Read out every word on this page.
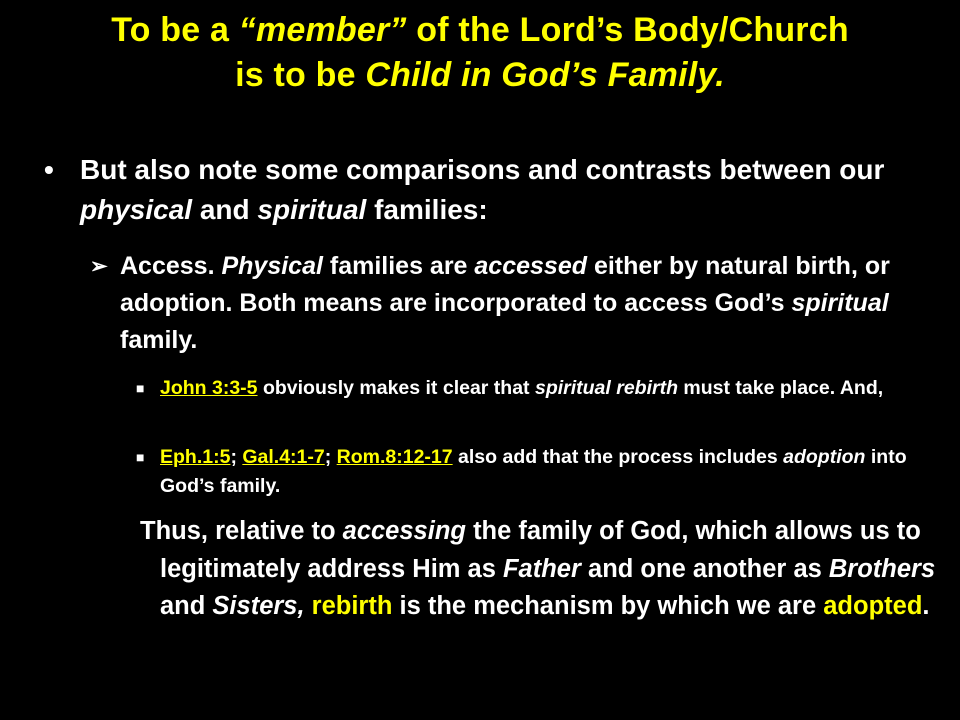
To be a “member” of the Lord’s Body/Church
is to be Child in God’s Family.
• But also note some comparisons and contrasts between our physical and spiritual families:
➢ Access. Physical families are accessed either by natural birth, or adoption. Both means are incorporated to access God’s spiritual family.
■ John 3:3-5 obviously makes it clear that spiritual rebirth must take place. And,
■ Eph.1:5; Gal.4:1-7; Rom.8:12-17 also add that the process includes adoption into God’s family.
Thus, relative to accessing the family of God, which allows us to legitimately address Him as Father and one another as Brothers and Sisters, rebirth is the mechanism by which we are adopted.
